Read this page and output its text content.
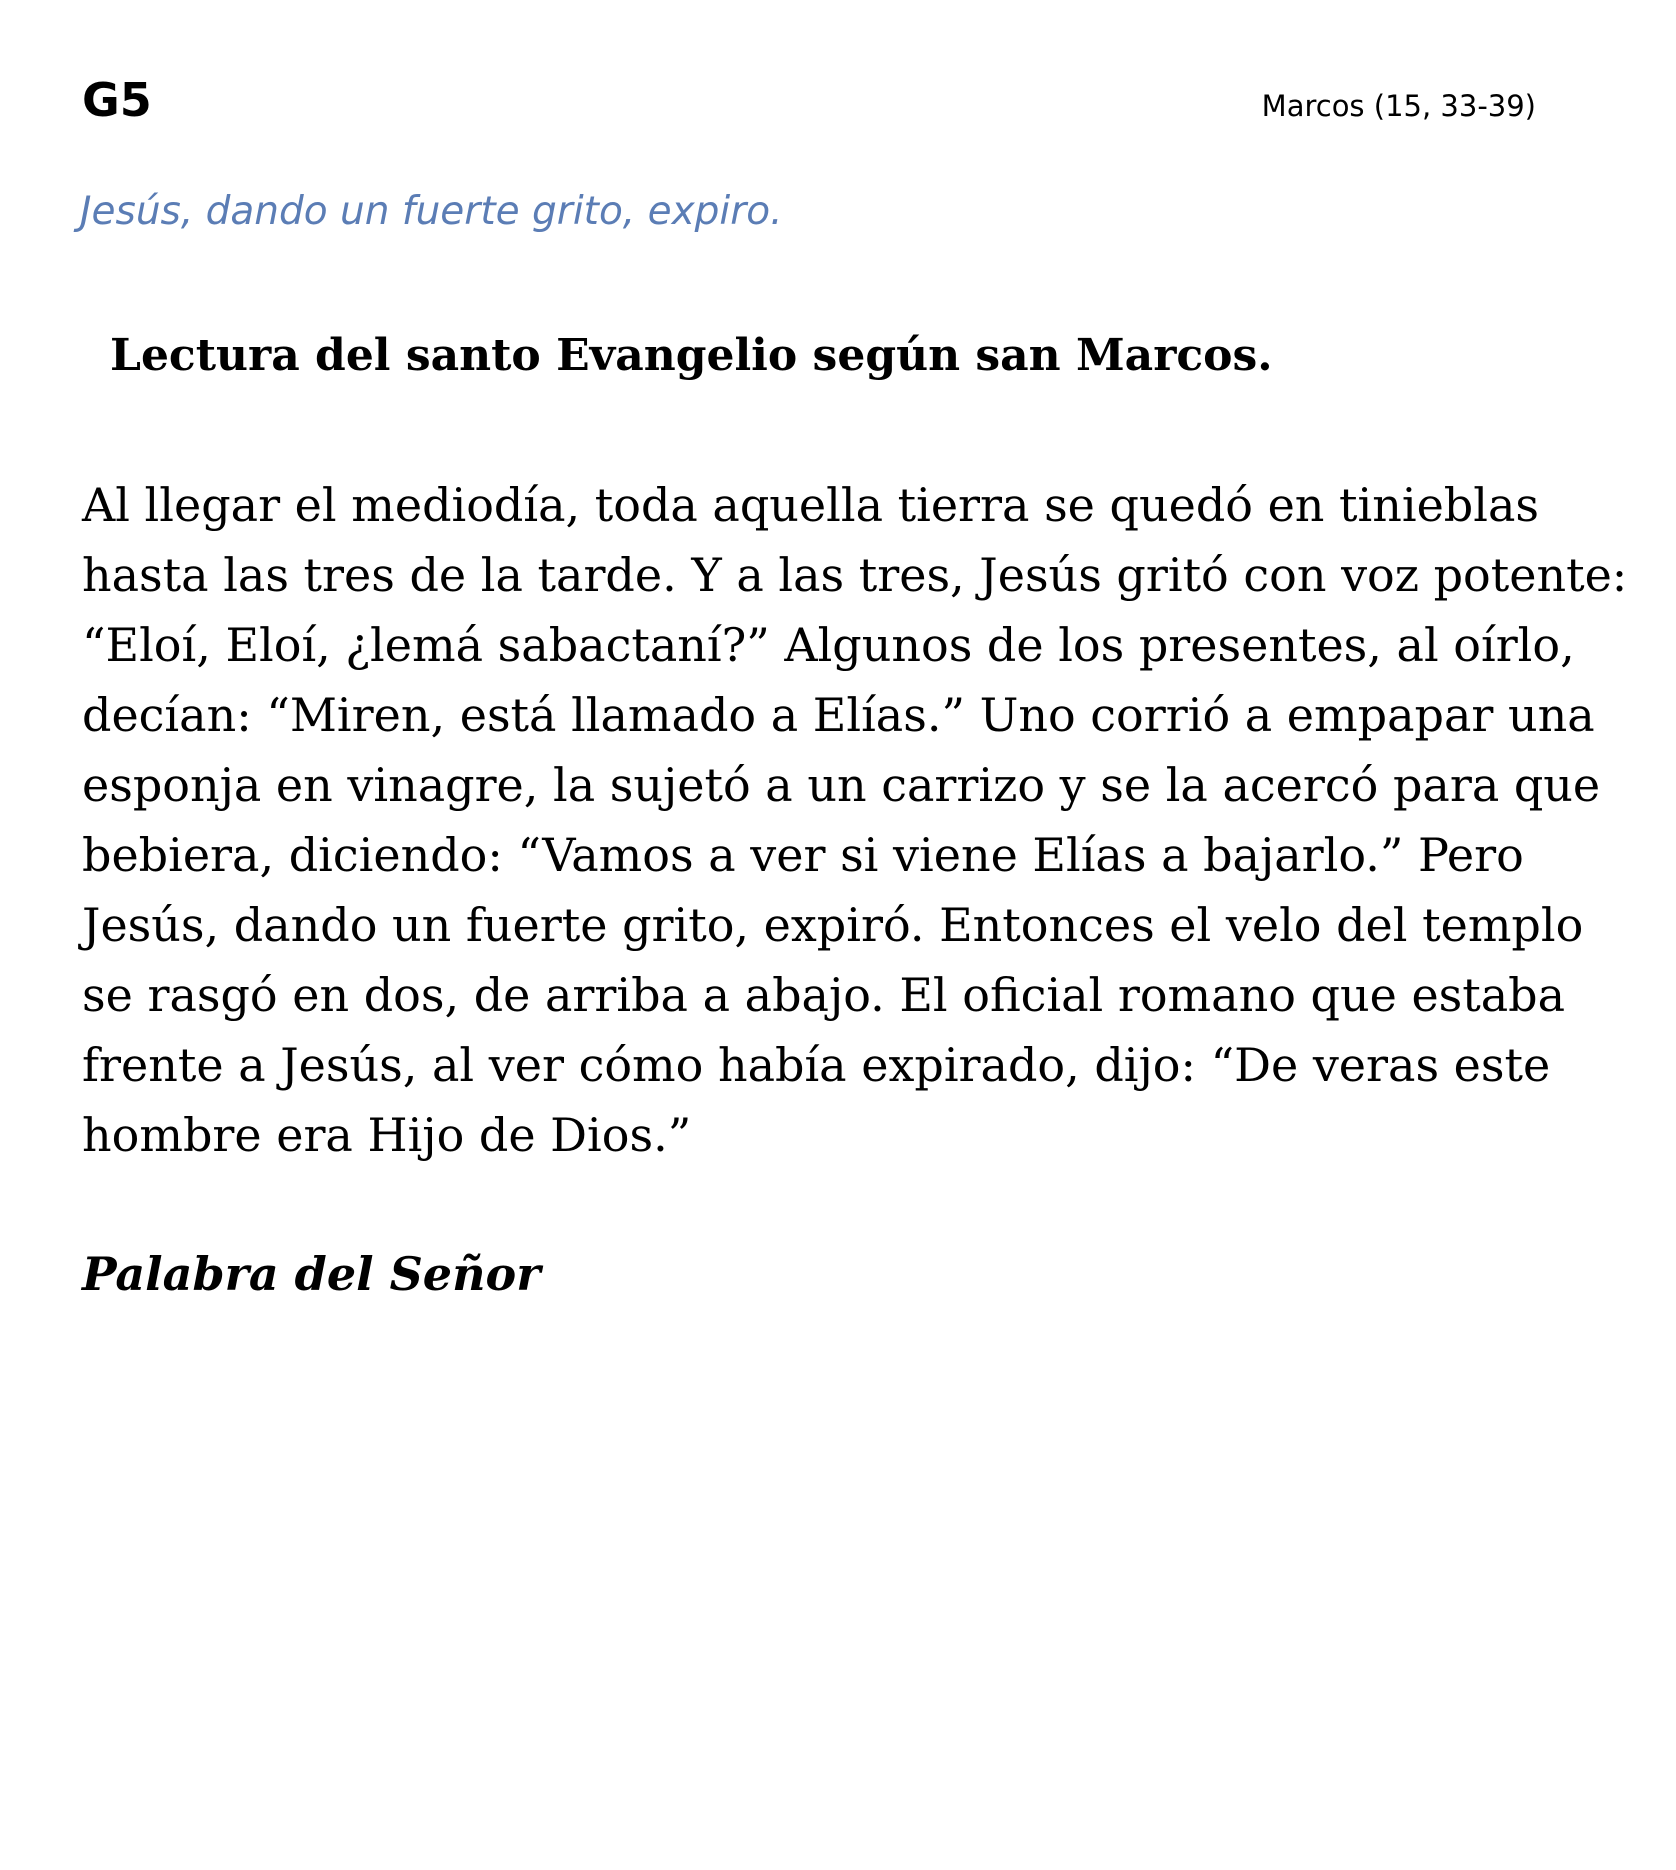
G5	Marcos (15, 33-39)
Jesús, dando un fuerte grito, expiro.
Lectura del santo Evangelio según san Marcos.

Al llegar el mediodía, toda aquella tierra se quedó en tinieblas
hasta las tres de la tarde. Y a las tres, Jesús gritó con voz potente:
“Eloí, Eloí, ¿lemá sabactaní?” Algunos de los presentes, al oírlo,
decían: “Miren, está llamado a Elías.” Uno corrió a empapar una
esponja en vinagre, la sujetó a un carrizo y se la acercó para que
bebiera, diciendo: “Vamos a ver si viene Elías a bajarlo.” Pero
Jesús, dando un fuerte grito, expiró. Entonces el velo del templo
se rasgó en dos, de arriba a abajo. El oficial romano que estaba
frente a Jesús, al ver cómo había expirado, dijo: “De veras este
hombre era Hijo de Dios.”

Palabra del Señor
